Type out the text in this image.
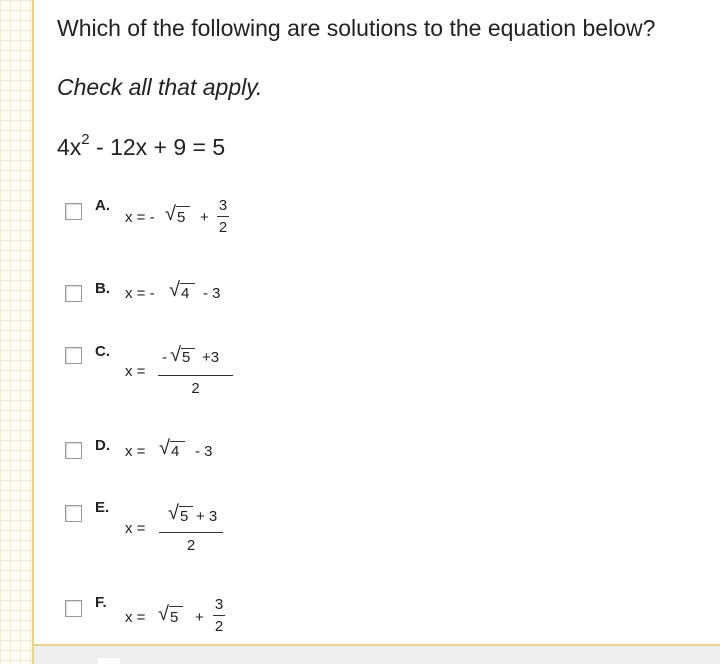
Which of the following are solutions to the equation below?
Check all that apply.
$4x^2 - 12x + 9 = 5$
A.
x = - √ 5 +
3
2
B. x = - √ 4 - 3
C.
x =
- √ 5 +3
2
D. x = √ 4 - 3
E.
x =
√ 5 + 3
2
F.
x = √ 5 +
3
2
